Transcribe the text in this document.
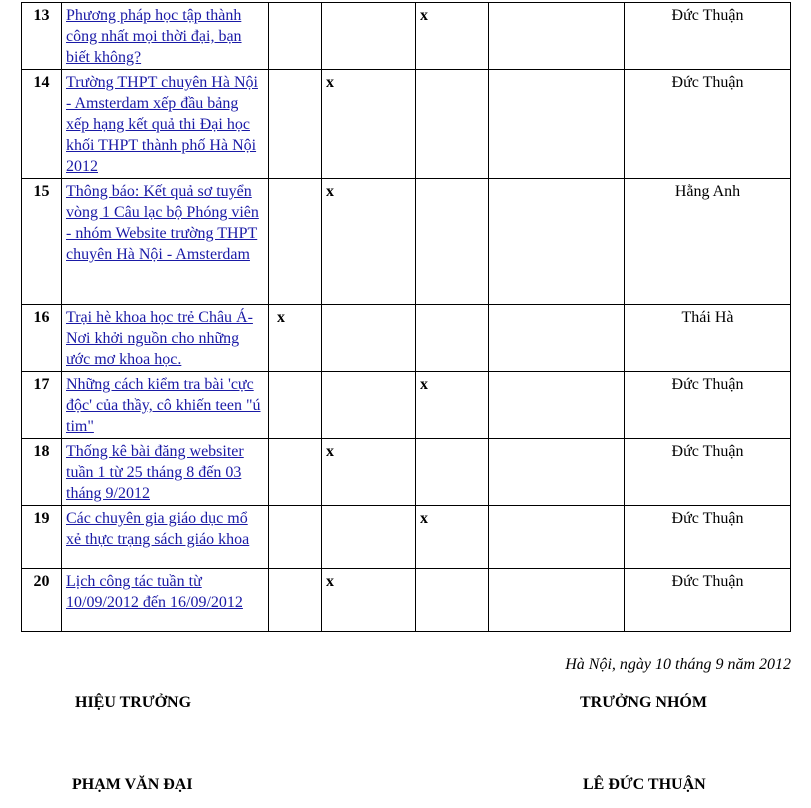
13	Phương pháp học tập thành công nhất mọi thời đại, bạn biết không?			x		Đức Thuận
14	Trường THPT chuyên Hà Nội - Amsterdam xếp đầu bảng xếp hạng kết quả thi Đại học khối THPT thành phố Hà Nội 2012		x			Đức Thuận
15	Thông báo: Kết quả sơ tuyển vòng 1 Câu lạc bộ Phóng viên - nhóm Website trường THPT chuyên Hà Nội - Amsterdam		x			Hằng Anh
16	Trại hè khoa học trẻ Châu Á- Nơi khởi nguồn cho những ước mơ khoa học.	x				Thái Hà
17	Những cách kiểm tra bài 'cực độc' của thầy, cô khiến teen "ú tim"			x		Đức Thuận
18	Thống kê bài đăng websiter tuần 1 từ 25 tháng 8 đến 03 tháng 9/2012		x			Đức Thuận
19	Các chuyên gia giáo dục mổ xẻ thực trạng sách giáo khoa			x		Đức Thuận
20	Lịch công tác tuần từ 10/09/2012 đến 16/09/2012		x			Đức Thuận
Hà Nội, ngày 10 tháng 9 năm 2012
HIỆU TRƯỞNG	TRƯỞNG NHÓM
PHẠM VĂN ĐẠI	LÊ ĐỨC THUẬN
